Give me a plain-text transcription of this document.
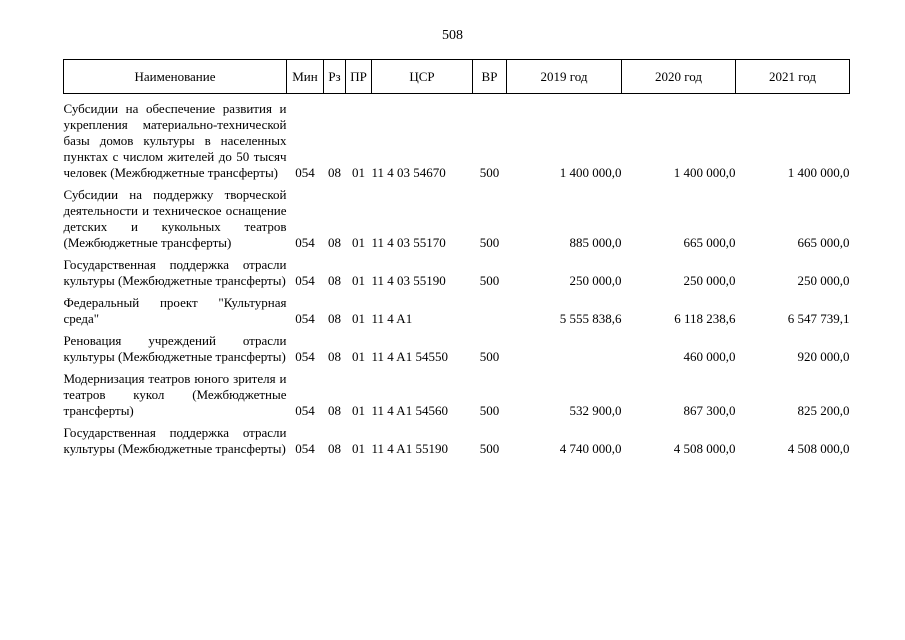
508
Наименование	Мин	Рз	ПР	ЦСР	ВР	2019 год	2020 год	2021 год
Субсидии на обеспечение развития и укрепления материально-технической базы домов культуры в населенных пунктах с числом жителей до 50 тысяч человек (Межбюджетные трансферты)	054	08	01	11 4 03 54670	500	1 400 000,0	1 400 000,0	1 400 000,0
Субсидии на поддержку творческой деятельности и техническое оснащение детских и кукольных театров (Межбюджетные трансферты)	054	08	01	11 4 03 55170	500	885 000,0	665 000,0	665 000,0
Государственная поддержка отрасли культуры (Межбюджетные трансферты)	054	08	01	11 4 03 55190	500	250 000,0	250 000,0	250 000,0
Федеральный проект "Культурная среда"	054	08	01	11 4 A1		5 555 838,6	6 118 238,6	6 547 739,1
Реновация учреждений отрасли культуры (Межбюджетные трансферты)	054	08	01	11 4 A1 54550	500		460 000,0	920 000,0
Модернизация театров юного зрителя и театров кукол (Межбюджетные трансферты)	054	08	01	11 4 A1 54560	500	532 900,0	867 300,0	825 200,0
Государственная поддержка отрасли культуры (Межбюджетные трансферты)	054	08	01	11 4 A1 55190	500	4 740 000,0	4 508 000,0	4 508 000,0
